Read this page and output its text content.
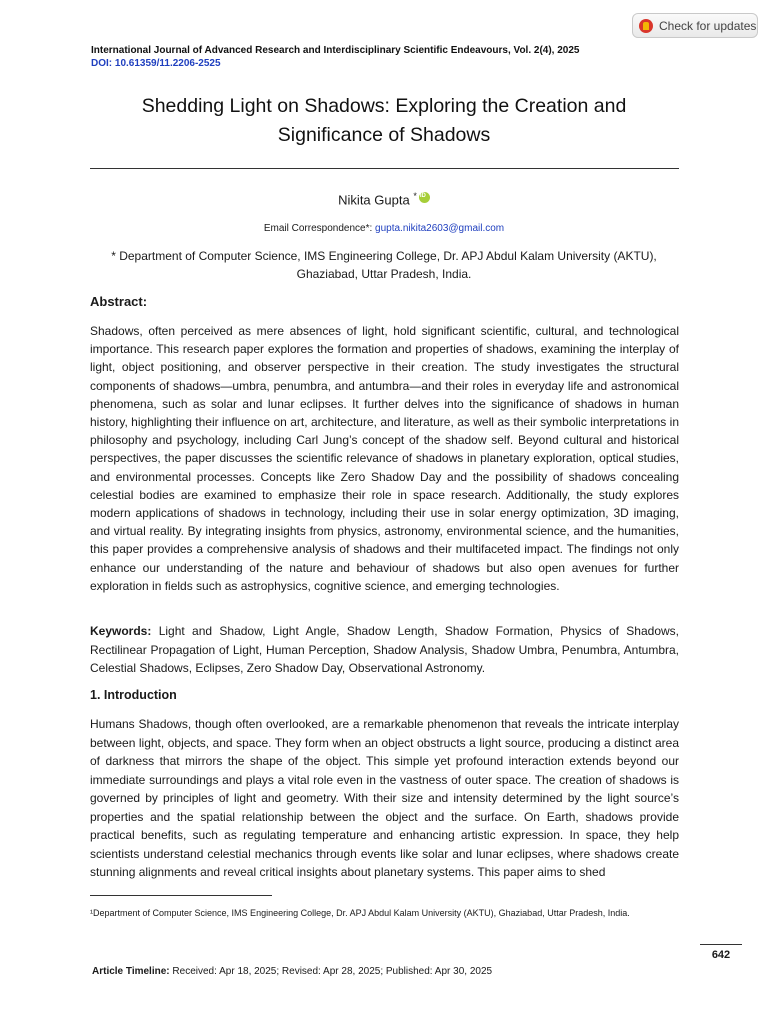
Check for updates
International Journal of Advanced Research and Interdisciplinary Scientific Endeavours, Vol. 2(4), 2025
DOI: 10.61359/11.2206-2525
Shedding Light on Shadows: Exploring the Creation and
Significance of Shadows
Nikita Gupta *iD
Email Correspondence*: gupta.nikita2603@gmail.com
* Department of Computer Science, IMS Engineering College, Dr. APJ Abdul Kalam University (AKTU),
Ghaziabad, Uttar Pradesh, India.
Abstract:
Shadows, often perceived as mere absences of light, hold significant scientific, cultural, and technological importance. This research paper explores the formation and properties of shadows, examining the interplay of light, object positioning, and observer perspective in their creation. The study investigates the structural components of shadows—umbra, penumbra, and antumbra—and their roles in everyday life and astronomical phenomena, such as solar and lunar eclipses. It further delves into the significance of shadows in human history, highlighting their influence on art, architecture, and literature, as well as their symbolic interpretations in philosophy and psychology, including Carl Jung’s concept of the shadow self. Beyond cultural and historical perspectives, the paper discusses the scientific relevance of shadows in planetary exploration, optical studies, and environmental processes. Concepts like Zero Shadow Day and the possibility of shadows concealing celestial bodies are examined to emphasize their role in space research. Additionally, the study explores modern applications of shadows in technology, including their use in solar energy optimization, 3D imaging, and virtual reality. By integrating insights from physics, astronomy, environmental science, and the humanities, this paper provides a comprehensive analysis of shadows and their multifaceted impact. The findings not only enhance our understanding of the nature and behaviour of shadows but also open avenues for further exploration in fields such as astrophysics, cognitive science, and emerging technologies.
Keywords: Light and Shadow, Light Angle, Shadow Length, Shadow Formation, Physics of Shadows, Rectilinear Propagation of Light, Human Perception, Shadow Analysis, Shadow Umbra, Penumbra, Antumbra, Celestial Shadows, Eclipses, Zero Shadow Day, Observational Astronomy.
1. Introduction
Humans Shadows, though often overlooked, are a remarkable phenomenon that reveals the intricate interplay between light, objects, and space. They form when an object obstructs a light source, producing a distinct area of darkness that mirrors the shape of the object. This simple yet profound interaction extends beyond our immediate surroundings and plays a vital role even in the vastness of outer space. The creation of shadows is governed by principles of light and geometry. With their size and intensity determined by the light source’s properties and the spatial relationship between the object and the surface. On Earth, shadows provide practical benefits, such as regulating temperature and enhancing artistic expression. In space, they help scientists understand celestial mechanics through events like solar and lunar eclipses, where shadows create stunning alignments and reveal critical insights about planetary systems. This paper aims to shed
¹Department of Computer Science, IMS Engineering College, Dr. APJ Abdul Kalam University (AKTU), Ghaziabad, Uttar Pradesh, India.
642
Article Timeline: Received: Apr 18, 2025; Revised: Apr 28, 2025; Published: Apr 30, 2025
